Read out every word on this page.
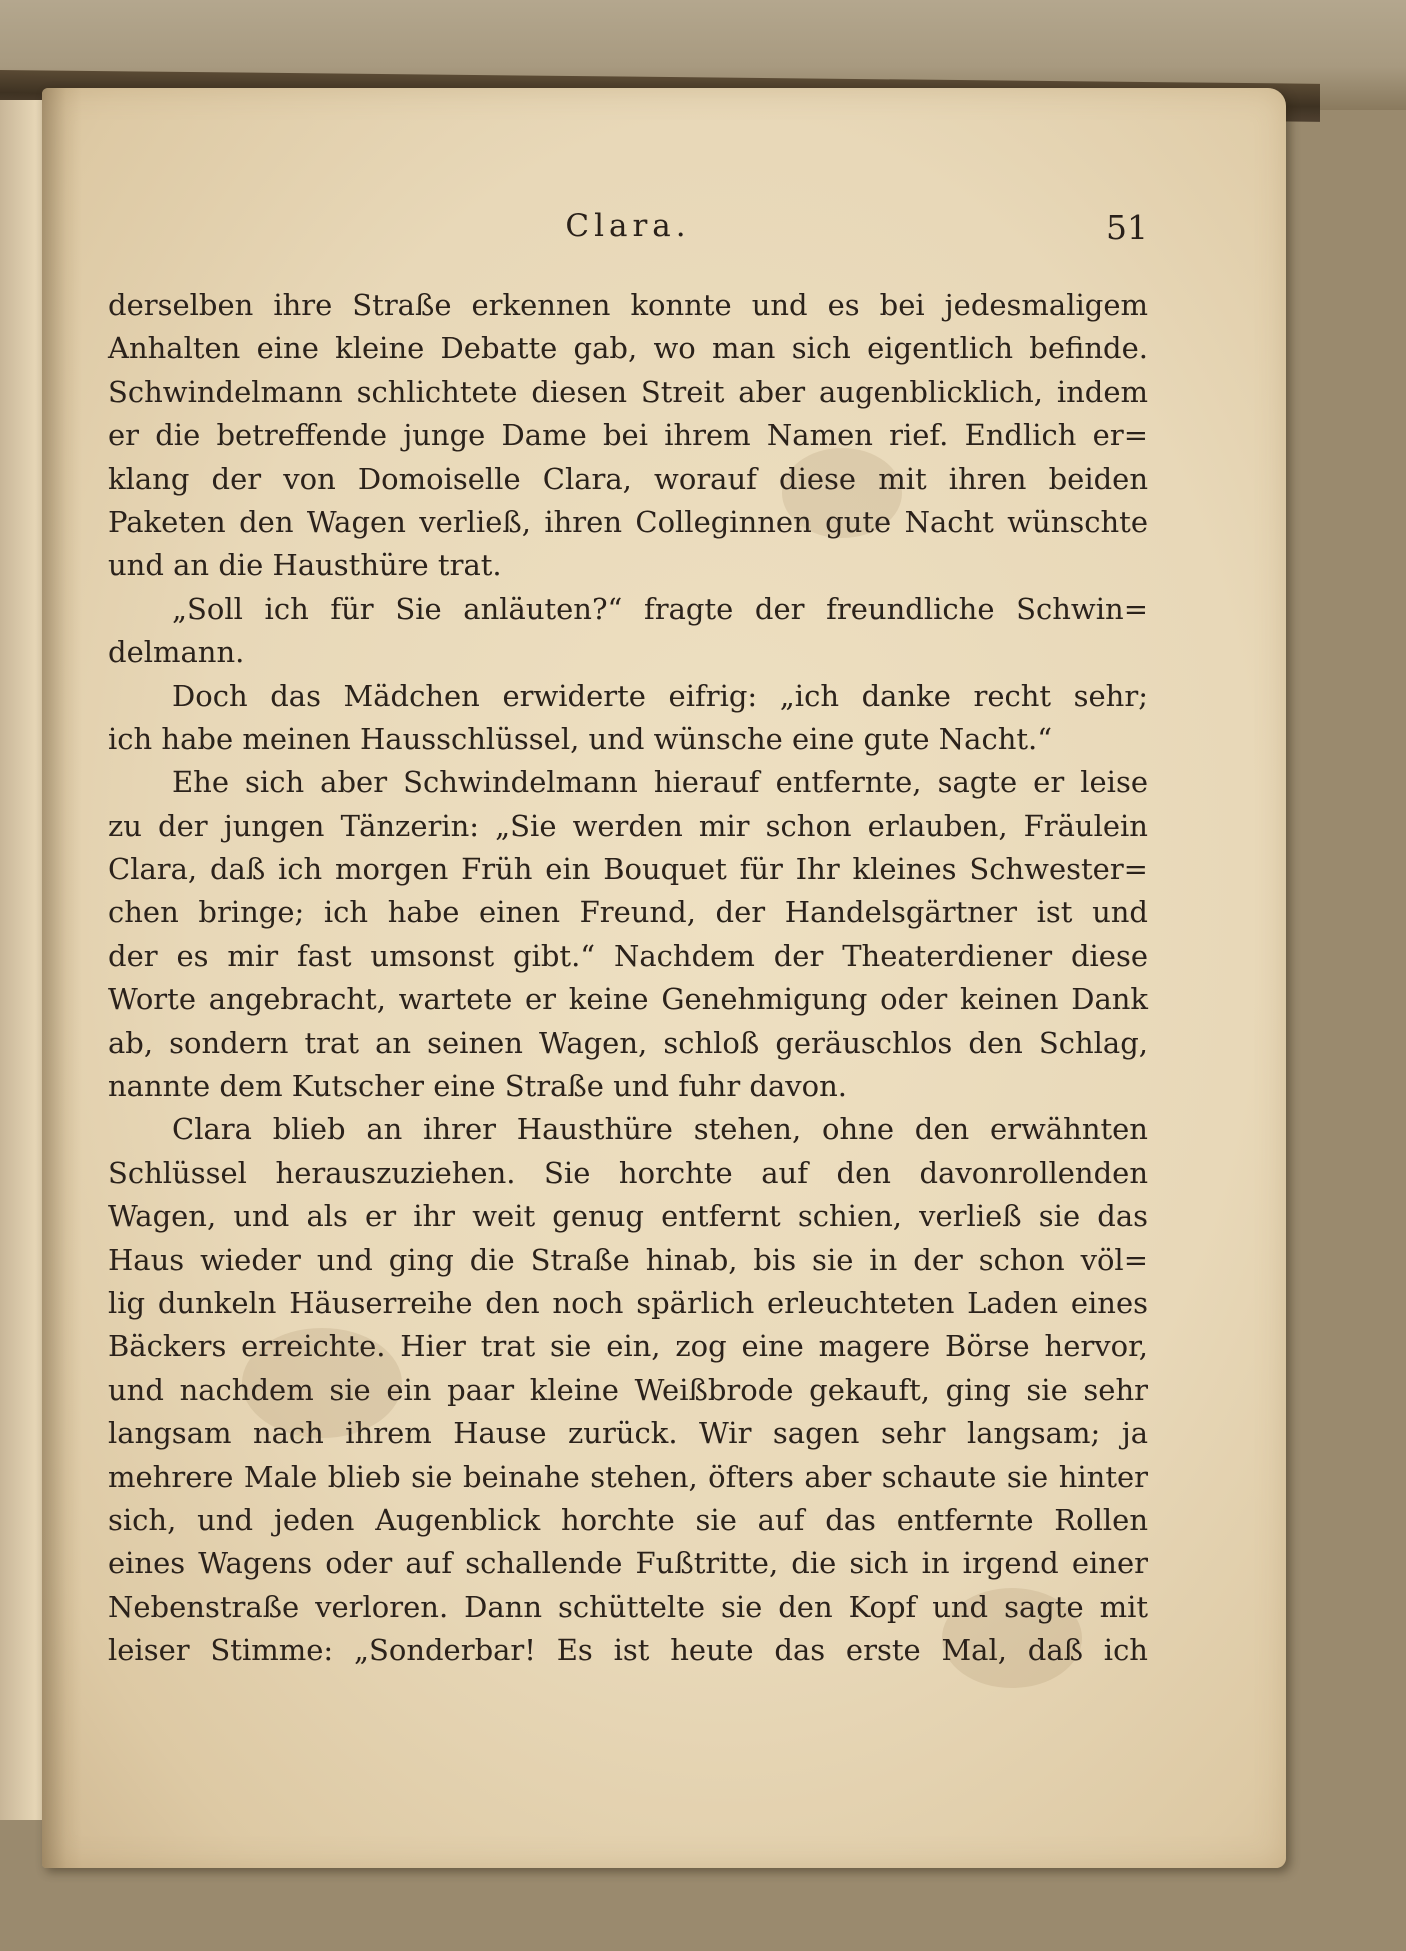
Clara.	51
derselben ihre Straße erkennen konnte und es bei jedesmaligem
Anhalten eine kleine Debatte gab, wo man sich eigentlich befinde.
Schwindelmann schlichtete diesen Streit aber augenblicklich, indem
er die betreffende junge Dame bei ihrem Namen rief. Endlich er=
klang der von Domoiselle Clara, worauf diese mit ihren beiden
Paketen den Wagen verließ, ihren Colleginnen gute Nacht wünschte
und an die Hausthüre trat.
„Soll ich für Sie anläuten?“ fragte der freundliche Schwin=
delmann.
Doch das Mädchen erwiderte eifrig: „ich danke recht sehr;
ich habe meinen Hausschlüssel, und wünsche eine gute Nacht.“
Ehe sich aber Schwindelmann hierauf entfernte, sagte er leise
zu der jungen Tänzerin: „Sie werden mir schon erlauben, Fräulein
Clara, daß ich morgen Früh ein Bouquet für Ihr kleines Schwester=
chen bringe; ich habe einen Freund, der Handelsgärtner ist und
der es mir fast umsonst gibt.“ Nachdem der Theaterdiener diese
Worte angebracht, wartete er keine Genehmigung oder keinen Dank
ab, sondern trat an seinen Wagen, schloß geräuschlos den Schlag,
nannte dem Kutscher eine Straße und fuhr davon.
Clara blieb an ihrer Hausthüre stehen, ohne den erwähnten
Schlüssel herauszuziehen. Sie horchte auf den davonrollenden
Wagen, und als er ihr weit genug entfernt schien, verließ sie das
Haus wieder und ging die Straße hinab, bis sie in der schon völ=
lig dunkeln Häuserreihe den noch spärlich erleuchteten Laden eines
Bäckers erreichte. Hier trat sie ein, zog eine magere Börse hervor,
und nachdem sie ein paar kleine Weißbrode gekauft, ging sie sehr
langsam nach ihrem Hause zurück. Wir sagen sehr langsam; ja
mehrere Male blieb sie beinahe stehen, öfters aber schaute sie hinter
sich, und jeden Augenblick horchte sie auf das entfernte Rollen
eines Wagens oder auf schallende Fußtritte, die sich in irgend einer
Nebenstraße verloren. Dann schüttelte sie den Kopf und sagte mit
leiser Stimme: „Sonderbar! Es ist heute das erste Mal, daß ich
